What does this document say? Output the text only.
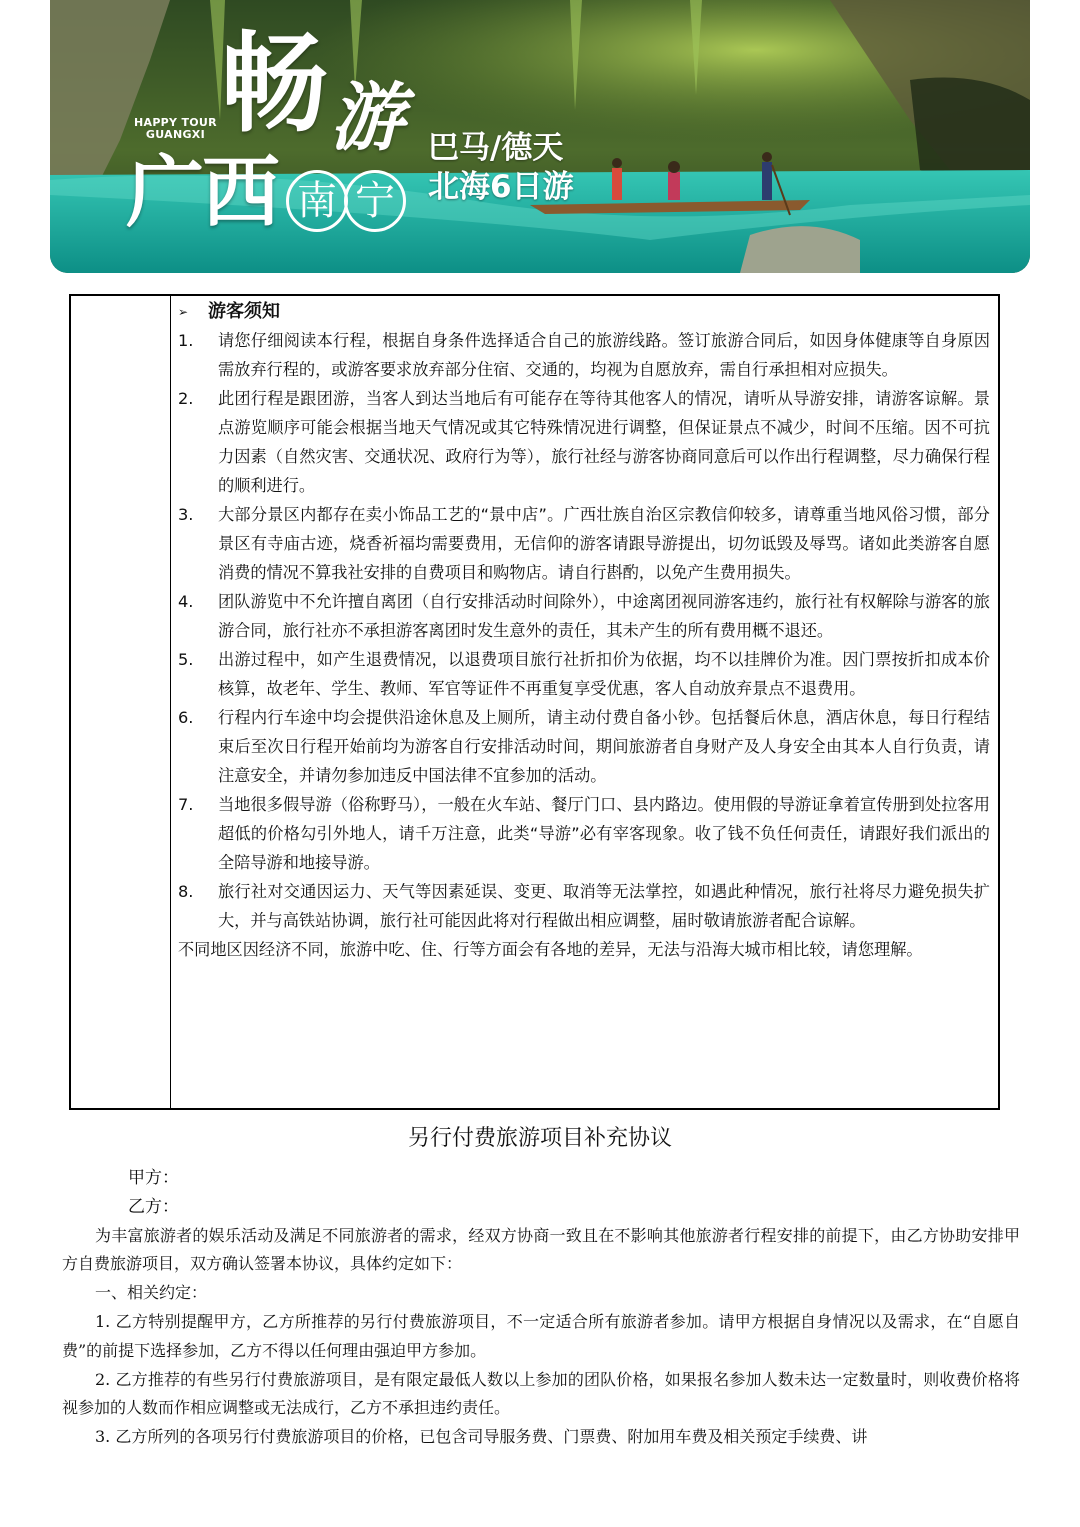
HAPPY TOUR
GUANGXI 畅 游
广西 南 宁
巴马/德天
北海6日游
➢ 游客须知
1.	请您仔细阅读本行程，根据自身条件选择适合自己的旅游线路。签订旅游合同后，如因身体健康等自身原因需放弃行程的，或游客要求放弃部分住宿、交通的，均视为自愿放弃，需自行承担相对应损失。
2.	此团行程是跟团游，当客人到达当地后有可能存在等待其他客人的情况，请听从导游安排，请游客谅解。景点游览顺序可能会根据当地天气情况或其它特殊情况进行调整，但保证景点不减少，时间不压缩。因不可抗力因素（自然灾害、交通状况、政府行为等），旅行社经与游客协商同意后可以作出行程调整，尽力确保行程的顺利进行。
3.	大部分景区内都存在卖小饰品工艺的“景中店”。广西壮族自治区宗教信仰较多，请尊重当地风俗习惯，部分景区有寺庙古迹，烧香祈福均需要费用，无信仰的游客请跟导游提出，切勿诋毁及辱骂。诸如此类游客自愿消费的情况不算我社安排的自费项目和购物店。请自行斟酌，以免产生费用损失。
4.	团队游览中不允许擅自离团（自行安排活动时间除外），中途离团视同游客违约，旅行社有权解除与游客的旅游合同，旅行社亦不承担游客离团时发生意外的责任，其未产生的所有费用概不退还。
5.	出游过程中，如产生退费情况，以退费项目旅行社折扣价为依据，均不以挂牌价为准。因门票按折扣成本价核算，故老年、学生、教师、军官等证件不再重复享受优惠，客人自动放弃景点不退费用。
6.	行程内行车途中均会提供沿途休息及上厕所，请主动付费自备小钞。包括餐后休息，酒店休息，每日行程结束后至次日行程开始前均为游客自行安排活动时间，期间旅游者自身财产及人身安全由其本人自行负责，请注意安全，并请勿参加违反中国法律不宜参加的活动。
7.	当地很多假导游（俗称野马），一般在火车站、餐厅门口、县内路边。使用假的导游证拿着宣传册到处拉客用超低的价格勾引外地人，请千万注意，此类“导游”必有宰客现象。收了钱不负任何责任，请跟好我们派出的全陪导游和地接导游。
8.	旅行社对交通因运力、天气等因素延误、变更、取消等无法掌控，如遇此种情况，旅行社将尽力避免损失扩大，并与高铁站协调，旅行社可能因此将对行程做出相应调整，届时敬请旅游者配合谅解。
不同地区因经济不同，旅游中吃、住、行等方面会有各地的差异，无法与沿海大城市相比较，请您理解。
另行付费旅游项目补充协议

甲方：

乙方：

为丰富旅游者的娱乐活动及满足不同旅游者的需求，经双方协商一致且在不影响其他旅游者行程安排的前提下，由乙方协助安排甲方自费旅游项目，双方确认签署本协议，具体约定如下：

一、相关约定：

1. 乙方特别提醒甲方，乙方所推荐的另行付费旅游项目，不一定适合所有旅游者参加。请甲方根据自身情况以及需求，在“自愿自费”的前提下选择参加，乙方不得以任何理由强迫甲方参加。

2. 乙方推荐的有些另行付费旅游项目，是有限定最低人数以上参加的团队价格，如果报名参加人数未达一定数量时，则收费价格将视参加的人数而作相应调整或无法成行，乙方不承担违约责任。

3. 乙方所列的各项另行付费旅游项目的价格，已包含司导服务费、门票费、附加用车费及相关预定手续费、讲
